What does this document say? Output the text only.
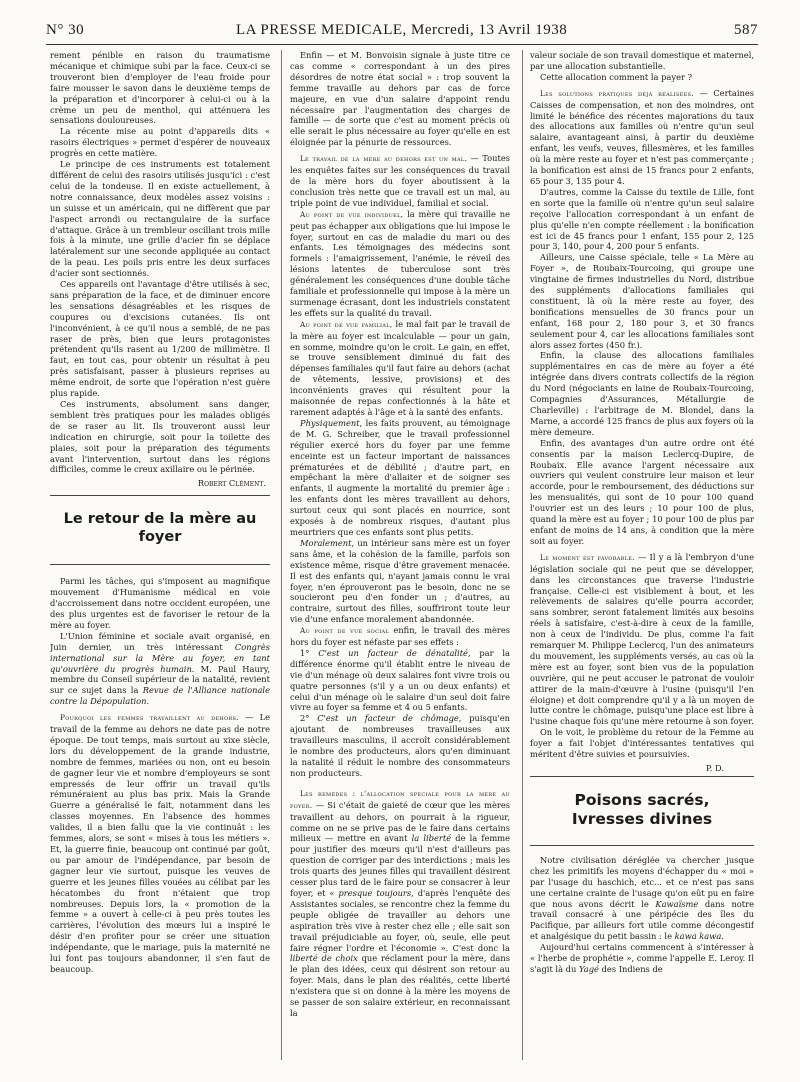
N° 30	LA PRESSE MEDICALE, Mercredi, 13 Avril 1938	587

rement pénible en raison du traumatisme mécanique et chimique subi par la face. Ceux-ci se trouveront bien d'employer de l'eau froide pour faire mousser le savon dans le deuxième temps de la préparation et d'incorporer à celui-ci ou à la crème un peu de menthol, qui atténuera les sensations douloureuses.

La récente mise au point d'appareils dits « rasoirs électriques » permet d'espérer de nouveaux progrès en cette matière.

Le principe de ces instruments est totalement différent de celui des rasoirs utilisés jusqu'ici : c'est celui de la tondeuse. Il en existe actuellement, à notre connaissance, deux modèles assez voisins : un suisse et un américain, qui ne diffèrent que par l'aspect arrondi ou rectangulaire de la surface d'attaque. Grâce à un trembleur oscillant trois mille fois à la minute, une grille d'acier fin se déplace latéralement sur une seconde appliquée au contact de la peau. Les poils pris entre les deux surfaces d'acier sont sectionnés.

Ces appareils ont l'avantage d'être utilisés à sec, sans préparation de la face, et de diminuer encore les sensations désagréables et les risques de coupures ou d'excisions cutanées. Ils ont l'inconvénient, à ce qu'il nous a semblé, de ne pas raser de près, bien que leurs protagonistes prétendent qu'ils rasent au 1/200 de millimètre. Il faut, en tout cas, pour obtenir un résultat à peu près satisfaisant, passer à plusieurs reprises au même endroit, de sorte que l'opération n'est guère plus rapide.

Ces instruments, absolument sans danger, semblent très pratiques pour les malades obligés de se raser au lit. Ils trouveront aussi leur indication en chirurgie, soit pour la toilette des plaies, soit pour la préparation des téguments avant l'intervention, surtout dans les régions difficiles, comme le creux axillaire ou le périnée.

Robert Clément.
Le retour de la mère au foyer

Parmi les tâches, qui s'imposent au magnifique mouvement d'Humanisme médical en voie d'accroissement dans notre occident européen, une des plus urgentes est de favoriser le retour de la mère au foyer.

L'Union féminine et sociale avait organisé, en Juin dernier, un très intéressant Congrès international sur la Mère au foyer, en tant qu'ouvrière du progrès humain. M. Paul Haury, membre du Conseil supérieur de la natalité, revient sur ce sujet dans la Revue de l'Alliance nationale contre la Dépopulation.

Pourquoi les femmes travaillent au dehors. — Le travail de la femme au dehors ne date pas de notre époque. De tout temps, mais surtout au xixe siècle, lors du développement de la grande industrie, nombre de femmes, mariées ou non, ont eu besoin de gagner leur vie et nombre d'employeurs se sont empressés de leur offrir un travail qu'ils rémunéraient au plus bas prix. Mais la Grande Guerre a généralisé le fait, notamment dans les classes moyennes. En l'absence des hommes valides, il a bien fallu que la vie continuât : les femmes, alors, se sont « mises à tous les métiers ». Et, la guerre finie, beaucoup ont continué par goût, ou par amour de l'indépendance, par besoin de gagner leur vie surtout, puisque les veuves de guerre et les jeunes filles vouées au célibat par les hécatombes du front n'étaient que trop nombreuses. Depuis lors, la « promotion de la femme » a ouvert à celle-ci à peu près toutes les carrières, l'évolution des mœurs lui a inspiré le désir d'en profiter pour se créer une situation indépendante, que le mariage, puis la maternité ne lui font pas toujours abandonner, il s'en faut de beaucoup.

Enfin — et M. Bonvoisin signale à juste titre ce cas comme « correspondant à un des pires désordres de notre état social » : trop souvent la femme travaille au dehors par cas de force majeure, en vue d'un salaire d'appoint rendu nécessaire par l'augmentation des charges de famille — de sorte que c'est au moment précis où elle serait le plus nécessaire au foyer qu'elle en est éloignée par la pénurie de ressources.

Le travail de la mère au dehors est un mal. — Toutes les enquêtes faites sur les conséquences du travail de la mère hors du foyer aboutissent à la conclusion très nette que ce travail est un mal, au triple point de vue individuel, familial et social.

Au point de vue individuel, la mère qui travaille ne peut pas échapper aux obligations que lui impose le foyer, surtout en cas de maladie du mari ou des enfants. Les témoignages des médecins sont formels : l'amaigrissement, l'anémie, le réveil des lésions latentes de tuberculose sont très généralement les conséquences d'une double tâche familiale et professionnelle qui impose à la mère un surmenage écrasant, dont les industriels constatent les effets sur la qualité du travail.

Au point de vue familial, le mal fait par le travail de la mère au foyer est incalculable — pour un gain, en somme, moindre qu'on le croit. Le gain, en effet, se trouve sensiblement diminué du fait des dépenses familiales qu'il faut faire au dehors (achat de vêtements, lessive, provisions) et des inconvénients graves qui résultent pour la maisonnée de repas confectionnés à la hâte et rarement adaptés à l'âge et à la santé des enfants.

Physiquement, les faits prouvent, au témoignage de M. G. Schreiber, que le travail professionnel régulier exercé hors du foyer par une femme enceinte est un facteur important de naissances prématurées et de débilité ; d'autre part, en empêchant la mère d'allaiter et de soigner ses enfants, il augmente la mortalité du premier âge : les enfants dont les mères travaillent au dehors, surtout ceux qui sont placés en nourrice, sont exposés à de nombreux risques, d'autant plus meurtriers que ces enfants sont plus petits.

Moralement, un intérieur sans mère est un foyer sans âme, et la cohésion de la famille, parfois son existence même, risque d'être gravement menacée. Il est des enfants qui, n'ayant jamais connu le vrai foyer, n'en éprouveront pas le besoin, donc ne se soucieront peu d'en fonder un ; d'autres, au contraire, surtout des filles, souffriront toute leur vie d'une enfance moralement abandonnée.

Au point de vue social enfin, le travail des mères hors du foyer est néfaste par ses effets :

1° C'est un facteur de dénatalité, par la différence énorme qu'il établit entre le niveau de vie d'un ménage où deux salaires font vivre trois ou quatre personnes (s'il y a un ou deux enfants) et celui d'un ménage où le salaire d'un seul doit faire vivre au foyer sa femme et 4 ou 5 enfants.

2° C'est un facteur de chômage, puisqu'en ajoutant de nombreuses travailleuses aux travailleurs masculins, il accroît considérablement le nombre des producteurs, alors qu'en diminuant la natalité il réduit le nombre des consommateurs non producteurs.

Les remèdes : l'allocation spéciale pour la mère au foyer. — Si c'était de gaieté de cœur que les mères travaillent au dehors, on pourrait à la rigueur, comme on ne se prive pas de le faire dans certains milieux — mettre en avant la liberté de la femme pour justifier des mœurs qu'il n'est d'ailleurs pas question de corriger par des interdictions ; mais les trois quarts des jeunes filles qui travaillent désirent cesser plus tard de le faire pour se consacrer à leur foyer, et « presque toujours, d'après l'enquête des Assistantes sociales, se rencontre chez la femme du peuple obligée de travailler au dehors une aspiration très vive à rester chez elle ; elle sait son travail préjudiciable au foyer, où, seule, elle peut faire régner l'ordre et l'économie ». C'est donc la liberté de choix que réclament pour la mère, dans le plan des idées, ceux qui désirent son retour au foyer. Mais, dans le plan des réalités, cette liberté n'existera que si on donne à la mère les moyens de se passer de son salaire extérieur, en reconnaissant la

valeur sociale de son travail domestique et maternel, par une allocation substantielle.

Cette allocation comment la payer ?

Les solutions pratiques déjà réalisées. — Certaines Caisses de compensation, et non des moindres, ont limité le bénéfice des récentes majorations du taux des allocations aux familles où n'entre qu'un seul salaire, avantageant ainsi, à partir du deuxième enfant, les veufs, veuves, fillesmères, et les familles où la mère reste au foyer et n'est pas commerçante ; la bonification est ainsi de 15 francs pour 2 enfants, 65 pour 3, 135 pour 4.

D'autres, comme la Caisse du textile de Lille, font en sorte que la famille où n'entre qu'un seul salaire reçoive l'allocation correspondant à un enfant de plus qu'elle n'en compte réellement : la bonification est ici de 45 francs pour 1 enfant, 155 pour 2, 125 pour 3, 140, pour 4, 200 pour 5 enfants.

Ailleurs, une Caisse spéciale, telle « La Mère au Foyer », de Roubaix-Tourcoing, qui groupe une vingtaine de firmes industrielles du Nord, distribue des suppléments d'allocations familiales qui constituent, là où la mère reste au foyer, des bonifications mensuelles de 30 francs pour un enfant, 168 pour 2, 180 pour 3, et 30 francs seulement pour 4, car les allocations familiales sont alors assez fortes (450 fr.).

Enfin, la clause des allocations familiales supplémentaires en cas de mère au foyer a été intégrée dans divers contrats collectifs de la région du Nord (négociants en laine de Roubaix-Tourcoing, Compagnies d'Assurances, Métallurgie de Charleville) : l'arbitrage de M. Blondel, dans la Marne, a accordé 125 francs de plus aux foyers où la mère demeure.

Enfin, des avantages d'un autre ordre ont été consentis par la maison Leclercq-Dupire, de Roubaix. Elle avance l'argent nécessaire aux ouvriers qui veulent construire leur maison et leur accorde, pour le remboursement, des déductions sur les mensualités, qui sont de 10 pour 100 quand l'ouvrier est un des leurs ; 10 pour 100 de plus, quand la mère est au foyer ; 10 pour 100 de plus par enfant de moins de 14 ans, à condition que la mère soit au foyer.

Le moment est favorable. — Il y a là l'embryon d'une législation sociale qui ne peut que se développer, dans les circonstances que traverse l'industrie française. Celle-ci est visiblement à bout, et les relèvements de salaires qu'elle pourra accorder, sans sombrer, seront fatalement limités aux besoins réels à satisfaire, c'est-à-dire à ceux de la famille, non à ceux de l'individu. De plus, comme l'a fait remarquer M. Philippe Leclercq, l'un des animateurs du mouvement, les suppléments versés, au cas où la mère est au foyer, sont bien vus de la population ouvrière, qui ne peut accuser le patronat de vouloir attirer de la main-d'œuvre à l'usine (puisqu'il l'en éloigne) et doit comprendre qu'il y a là un moyen de lutte contre le chômage, puisqu'une place est libre à l'usine chaque fois qu'une mère retourne à son foyer.

On le voit, le problème du retour de la Femme au foyer a fait l'objet d'intéressantes tentatives qui méritent d'être suivies et poursuivies.

P. D.
Poisons sacrés,
Ivresses divines

Notre civilisation déréglée va chercher jusque chez les primitifs les moyens d'échapper du « moi » par l'usage du haschich, etc... et ce n'est pas sans une certaine crainte de l'usage qu'on eût pu en faire que nous avons décrit le Kawaïsme dans notre travail consacré à une péripécie des îles du Pacifique, par ailleurs fort utile comme décongestif et analgésique du petit bassin : le kawa kawa.

Aujourd'hui certains commencent à s'intéresser à « l'herbe de prophétie », comme l'appelle E. Leroy. Il s'agit là du Yagé des Indiens de
